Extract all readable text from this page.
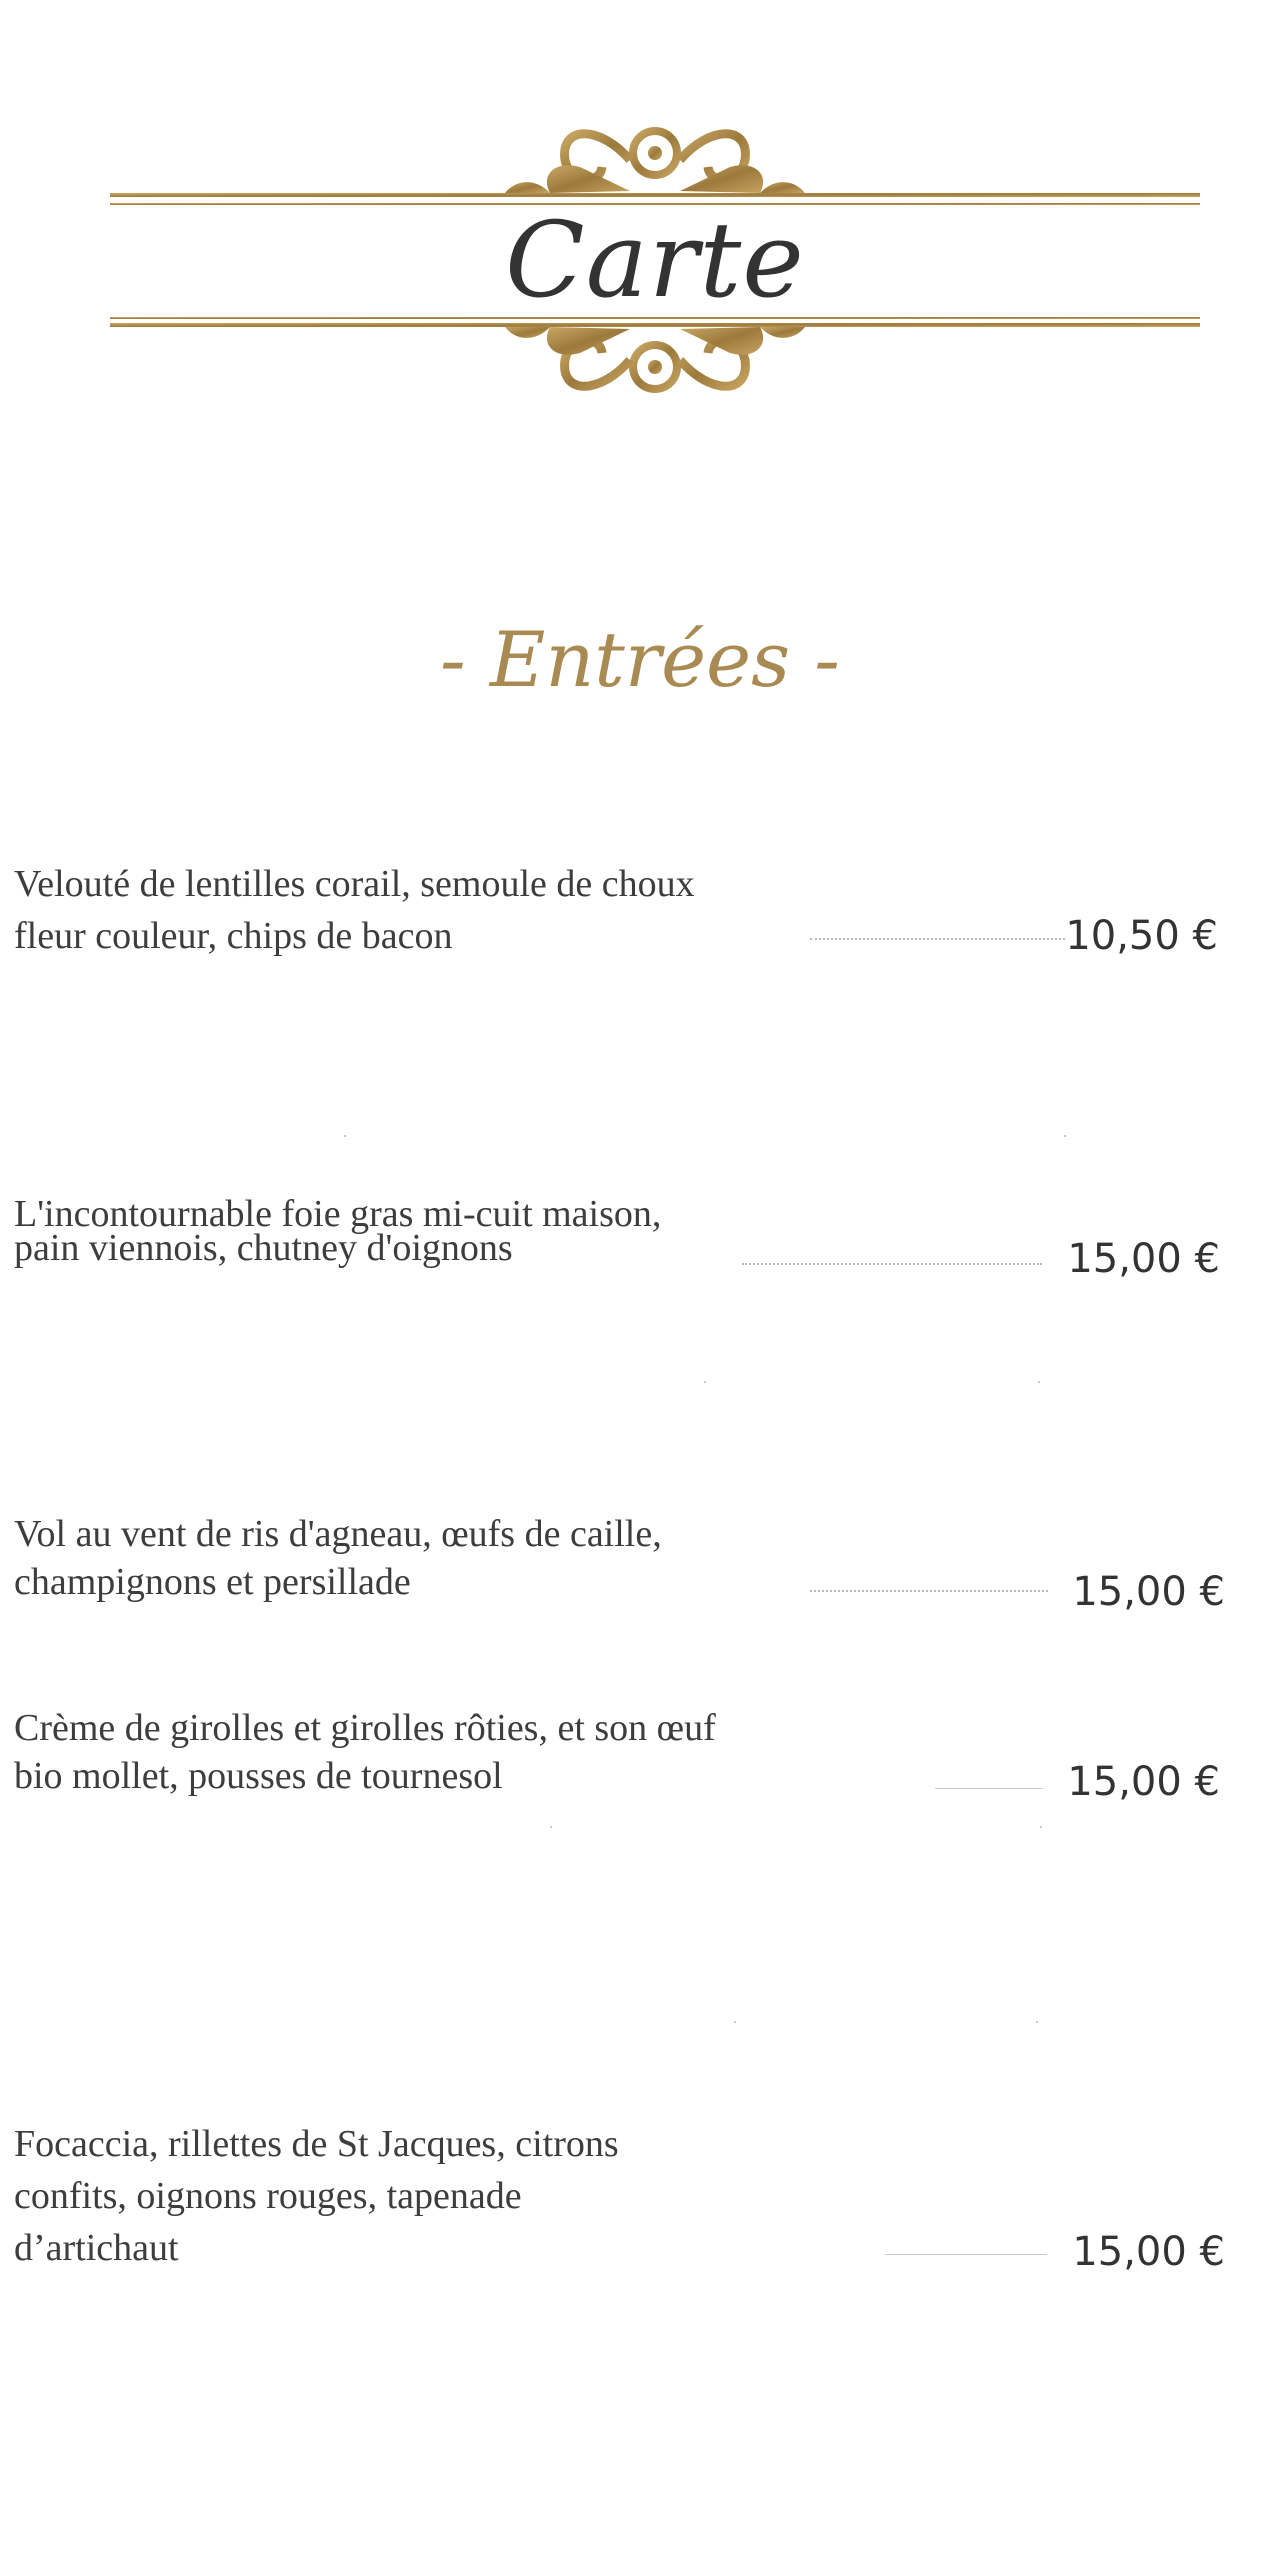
Carte
- Entrées -
Velouté de lentilles corail, semoule de choux
fleur couleur, chips de bacon	10,50 €
L'incontournable foie gras mi-cuit maison,
pain viennois, chutney d'oignons	15,00 €
Vol au vent de ris d'agneau, œufs de caille,
champignons et persillade	15,00 €
Crème de girolles et girolles rôties, et son œuf
bio mollet, pousses de tournesol	15,00 €
Focaccia, rillettes de St Jacques, citrons
confits, oignons rouges, tapenade
d’artichaut	15,00 €
